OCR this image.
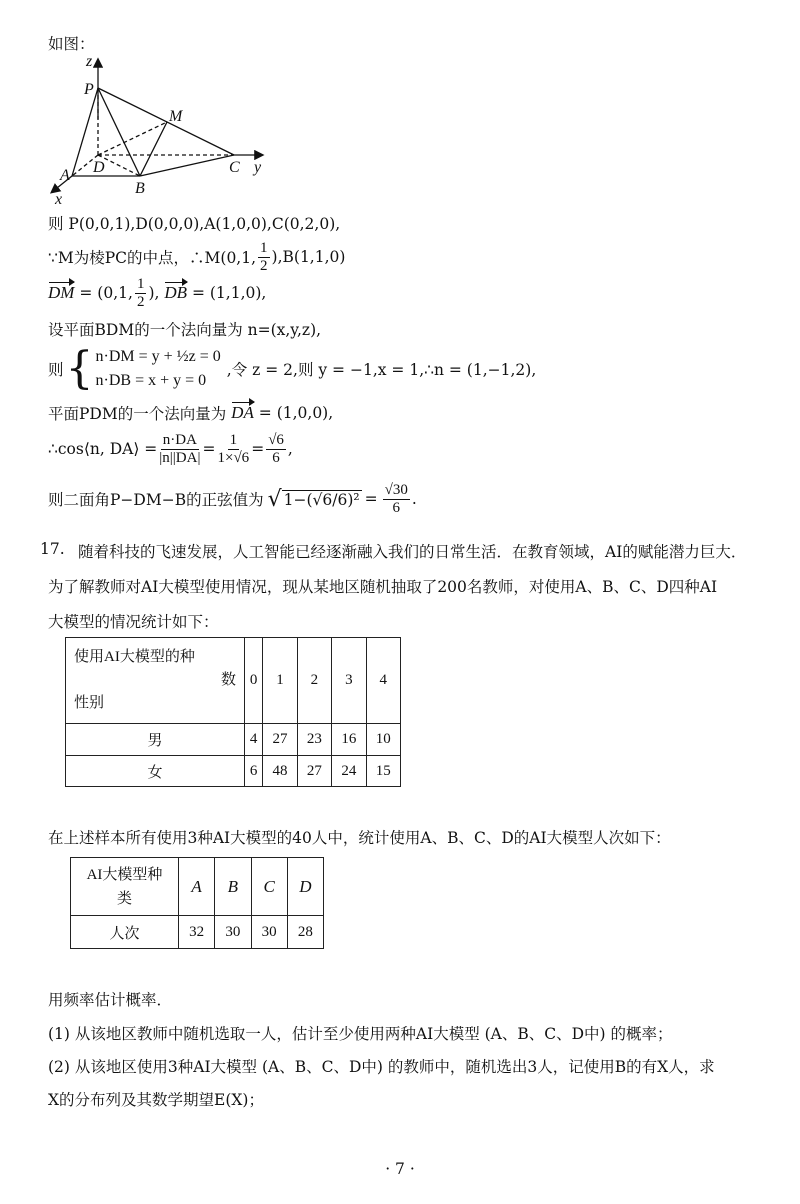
如图：
z
P
M
A D
B
C y
x
则 P(0,0,1),D(0,0,0),A(1,0,0),C(0,2,0),
∵M为棱PC的中点，∴M(0,1, $\frac{1}{2} ),B(1,1,0)$
DM
= (0,1, $\frac{1}{2}$ ),
DB
= (1,1,0),
设平面BDM的一个法向量为 n=(x,y,z),
则 { n·DM = y + ½z = 0
n·DB = x + y = 0
,令 z = 2,则 y = −1,x = 1,∴n = (1,−1,2),
平面PDM的一个法向量为
DA
= (1,0,0),
∴cos⟨n, DA⟩ = $\frac{n\cdot DA}{|n||DA|} = \frac{1}{1\times√6} = \frac{√6}{6}$ ,
则二面角P−DM−B的正弦值为 √ $1-(√6/6)^2 = \frac{√30}{6}$ .
17. 随着科技的飞速发展，人工智能已经逐渐融入我们的日常生活．在教育领域，AI的赋能潜力巨大．
为了解教师对AI大模型使用情况，现从某地区随机抽取了200名教师，对使用A、B、C、D四种AI
大模型的情况统计如下：
使用AI大模型的种
数
性别	0	1	2	3	4
男	4	27	23	16	10
女	6	48	27	24	15
在上述样本所有使用3种AI大模型的40人中，统计使用A、B、C、D的AI大模型人次如下：
AI大模型种
类	A	B	C	D
人次	32	30	30	28
用频率估计概率．
(1) 从该地区教师中随机选取一人，估计至少使用两种AI大模型 (A、B、C、D中) 的概率；
(2) 从该地区使用3种AI大模型 (A、B、C、D中) 的教师中，随机选出3人，记使用B的有X人，求
X的分布列及其数学期望E(X)；
· 7 ·
